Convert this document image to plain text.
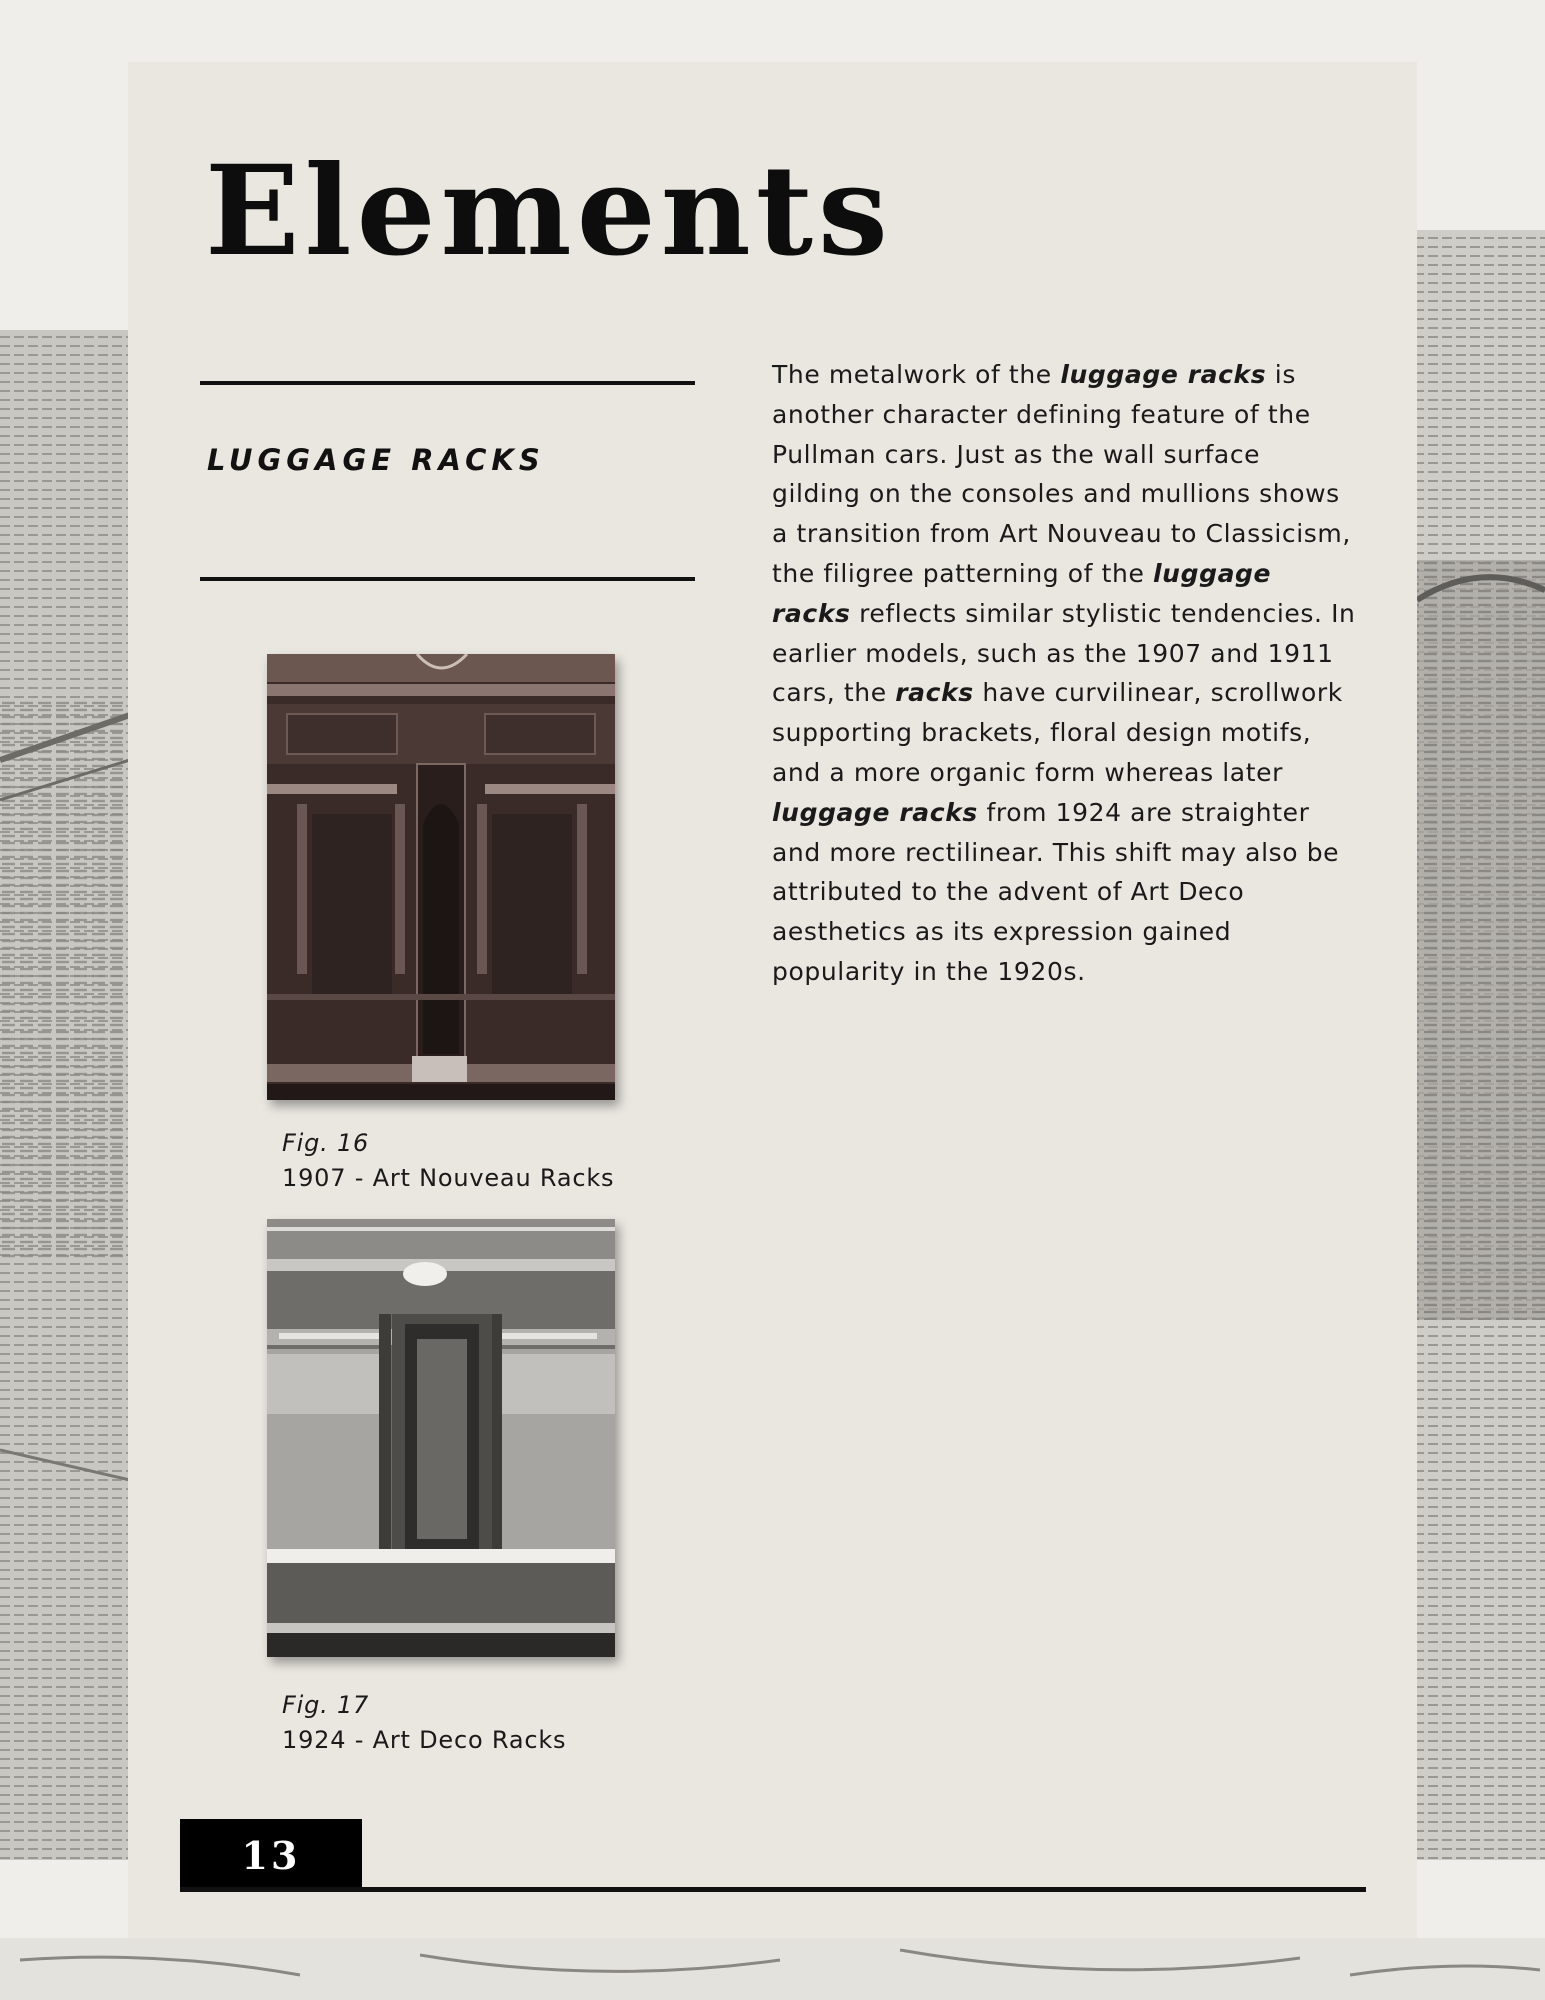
Elements
LUGGAGE RACKS

The metalwork of the luggage racks is another character defining feature of the Pullman cars. Just as the wall surface gilding on the consoles and mullions shows a transition from Art Nouveau to Classicism, the filigree patterning of the luggage racks reflects similar stylistic tendencies. In earlier models, such as the 1907 and 1911 cars, the racks have curvilinear, scrollwork supporting brackets, floral design motifs, and a more organic form whereas later luggage racks from 1924 are straighter and more rectilinear. This shift may also be attributed to the advent of Art Deco aesthetics as its expression gained popularity in the 1920s.

Fig. 16
1907 - Art Nouveau Racks
Fig. 17
1924 - Art Deco Racks
13
